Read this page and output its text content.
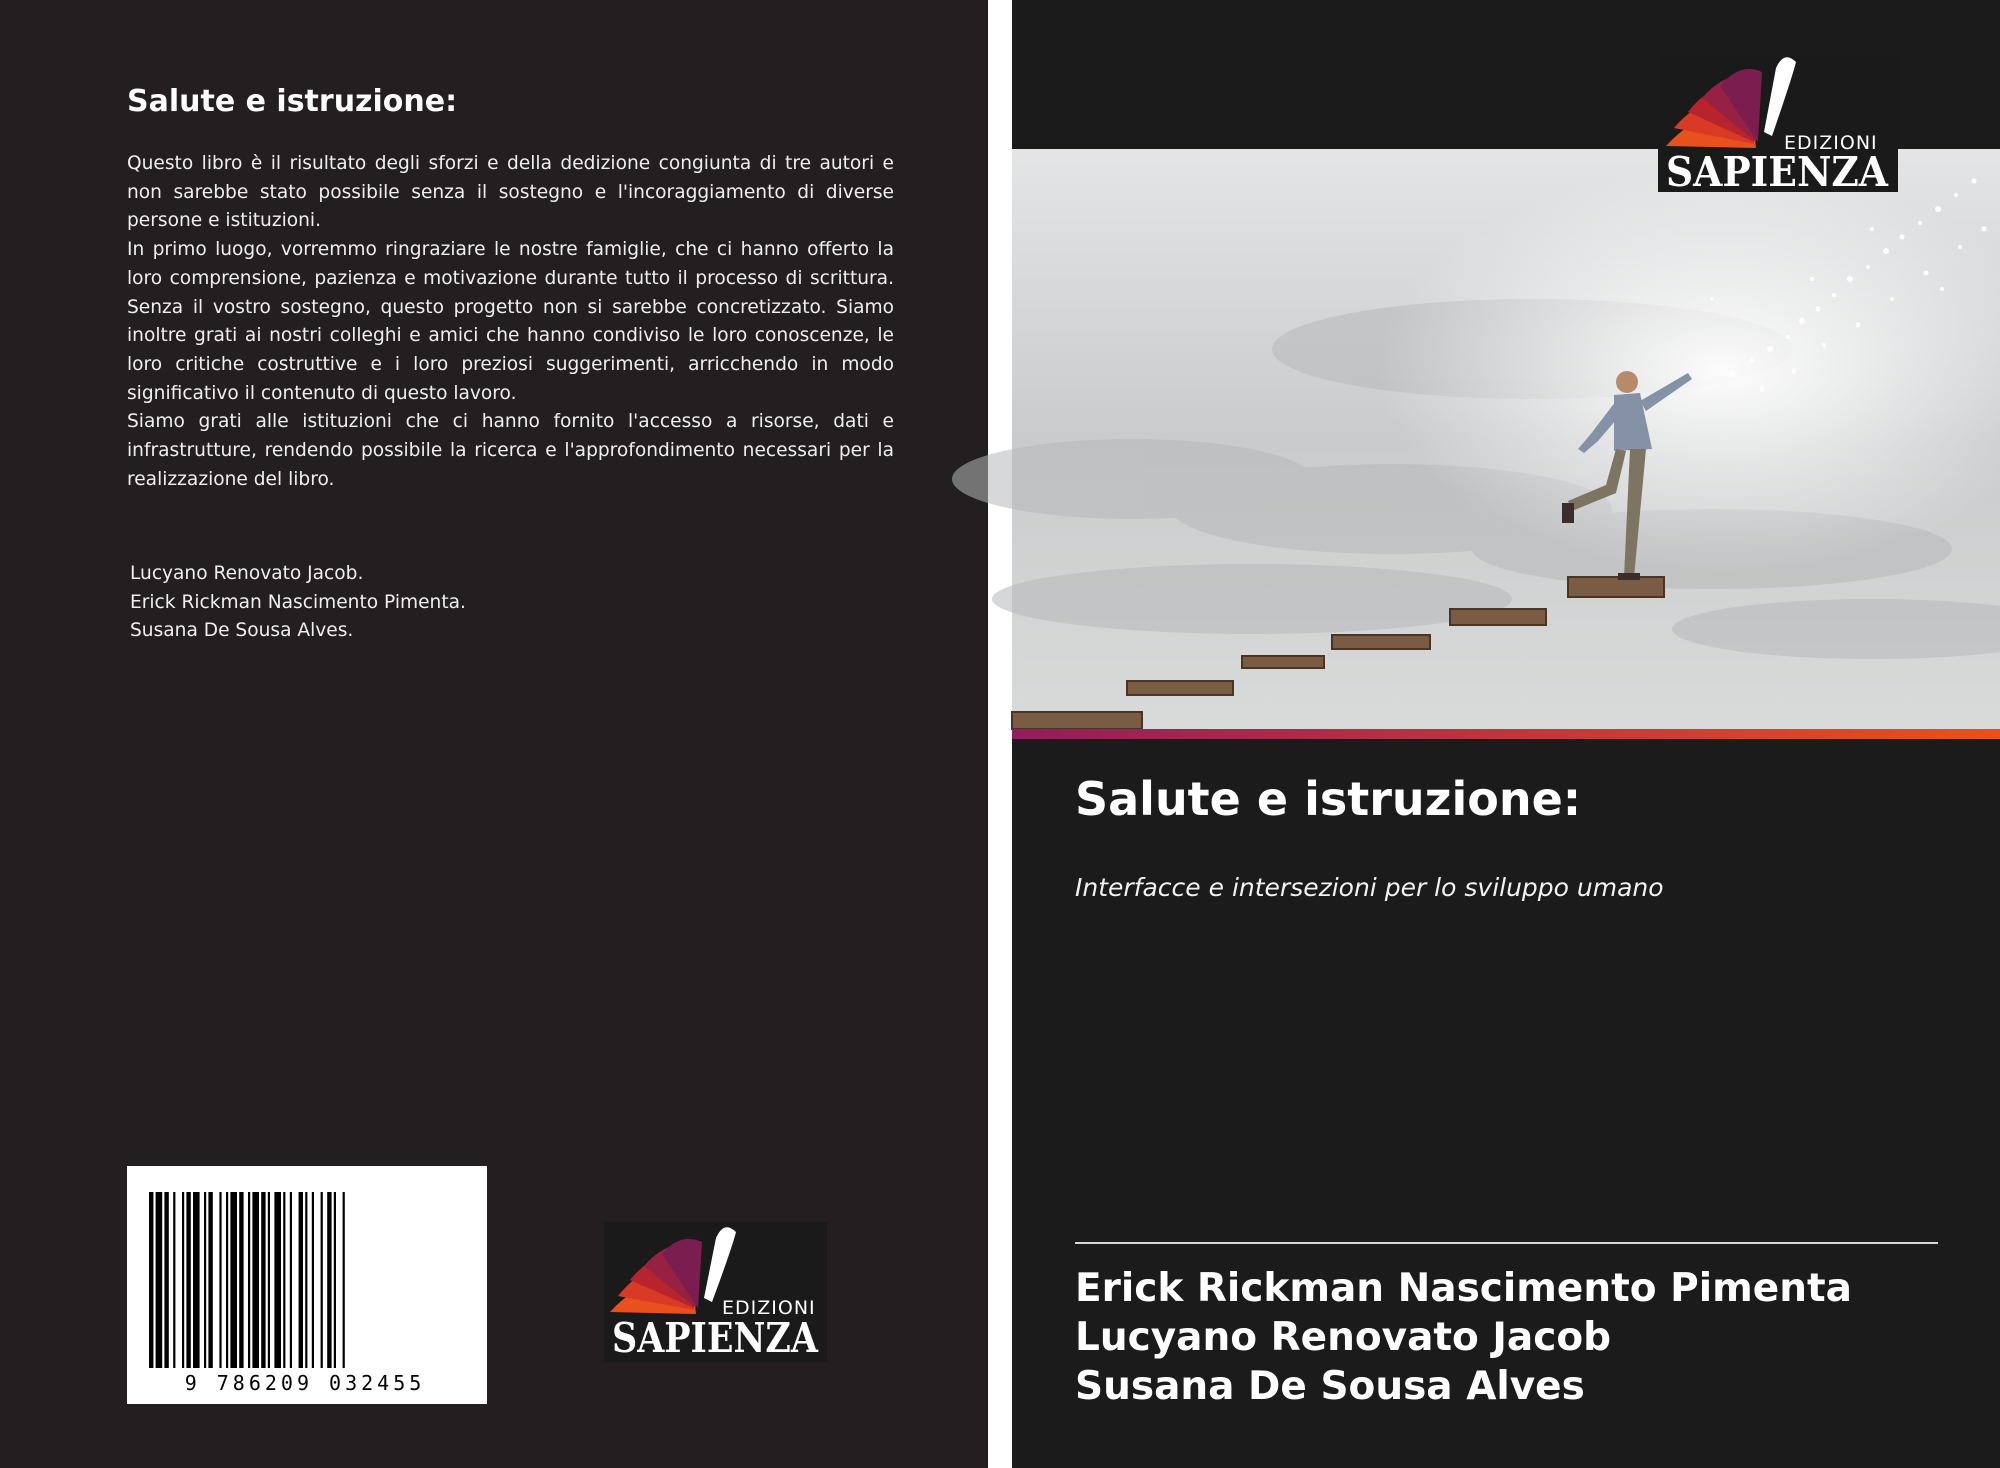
Salute e istruzione:

Questo libro è il risultato degli sforzi e della dedizione congiunta di tre autori e non sarebbe stato possibile senza il sostegno e l'incoraggiamento di diverse persone e istituzioni.

In primo luogo, vorremmo ringraziare le nostre famiglie, che ci hanno offerto la loro comprensione, pazienza e motivazione durante tutto il processo di scrittura. Senza il vostro sostegno, questo progetto non si sarebbe concretizzato. Siamo inoltre grati ai nostri colleghi e amici che hanno condiviso le loro conoscenze, le loro critiche costruttive e i loro preziosi suggerimenti, arricchendo in modo significativo il contenuto di questo lavoro.

Siamo grati alle istituzioni che ci hanno fornito l'accesso a risorse, dati e infrastrutture, rendendo possibile la ricerca e l'approfondimento necessari per la realizzazione del libro.

Lucyano Renovato Jacob.
Erick Rickman Nascimento Pimenta.
Susana De Sousa Alves.
9 786209 032455
EDIZIONI
SAPIENZA
EDIZIONI
SAPIENZA
Salute e istruzione:
Interfacce e intersezioni per lo sviluppo umano
Erick Rickman Nascimento Pimenta
Lucyano Renovato Jacob
Susana De Sousa Alves
